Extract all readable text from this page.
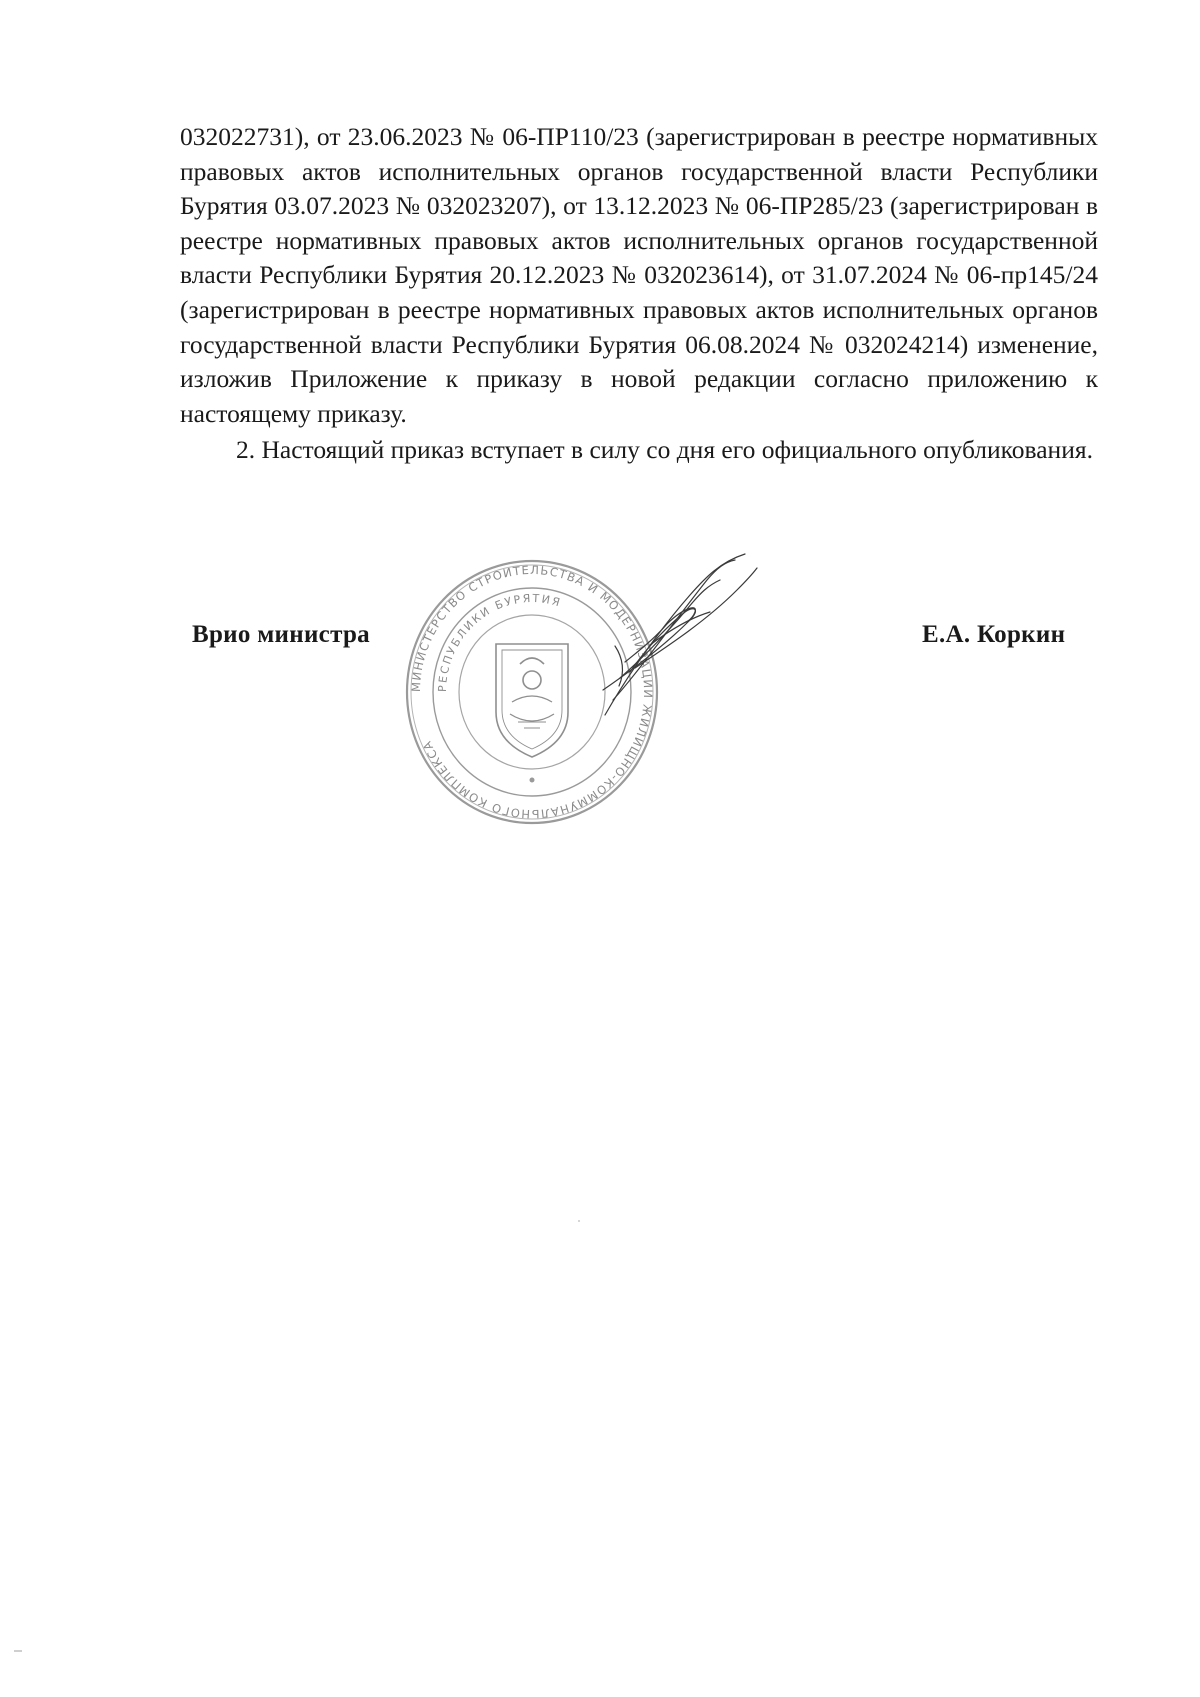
032022731), от 23.06.2023 № 06-ПР110/23 (зарегистрирован в реестре нормативных правовых актов исполнительных органов государственной власти Республики Бурятия 03.07.2023 № 032023207), от 13.12.2023 № 06-ПР285/23 (зарегистрирован в реестре нормативных правовых актов исполнительных органов государственной власти Республики Бурятия 20.12.2023 № 032023614), от 31.07.2024 № 06-пр145/24 (зарегистрирован в реестре нормативных правовых актов исполнительных органов государственной власти Республики Бурятия 06.08.2024 № 032024214) изменение, изложив Приложение к приказу в новой редакции согласно приложению к настоящему приказу.

2. Настоящий приказ вступает в силу со дня его официального опубликования.

МИНИСТЕРСТВО СТРОИТЕЛЬСТВА И МОДЕРНИЗАЦИИ ЖИЛИЩНО-КОММУНАЛЬНОГО КОМПЛЕКСА
РЕСПУБЛИКИ БУРЯТИЯ
Врио министра	Е.А. Коркин
